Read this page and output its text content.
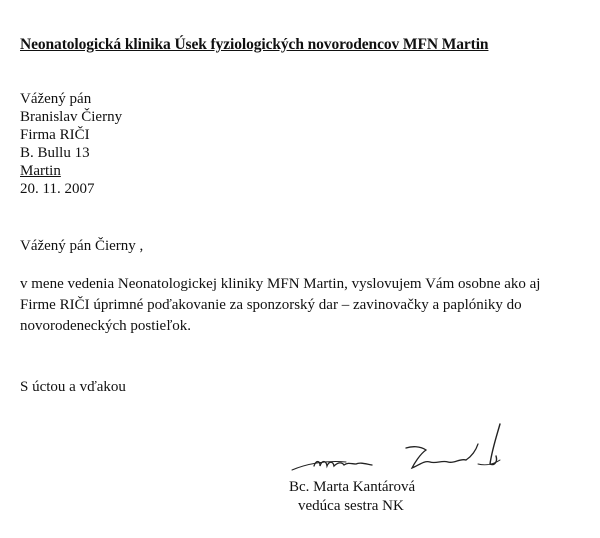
Neonatologická klinika Úsek fyziologických novorodencov MFN Martin
Vážený pán
Branislav Čierny
Firma RIČI
B. Bullu 13
Martin
20. 11. 2007
Vážený pán Čierny ,
v mene vedenia Neonatologickej kliniky MFN Martin, vyslovujem Vám osobne ako aj
Firme RIČI úprimné poďakovanie za sponzorský dar – zavinovačky a paplóniky do
novorodeneckých postieľok.
S úctou a vďakou
Bc. Marta Kantárová
vedúca sestra NK
